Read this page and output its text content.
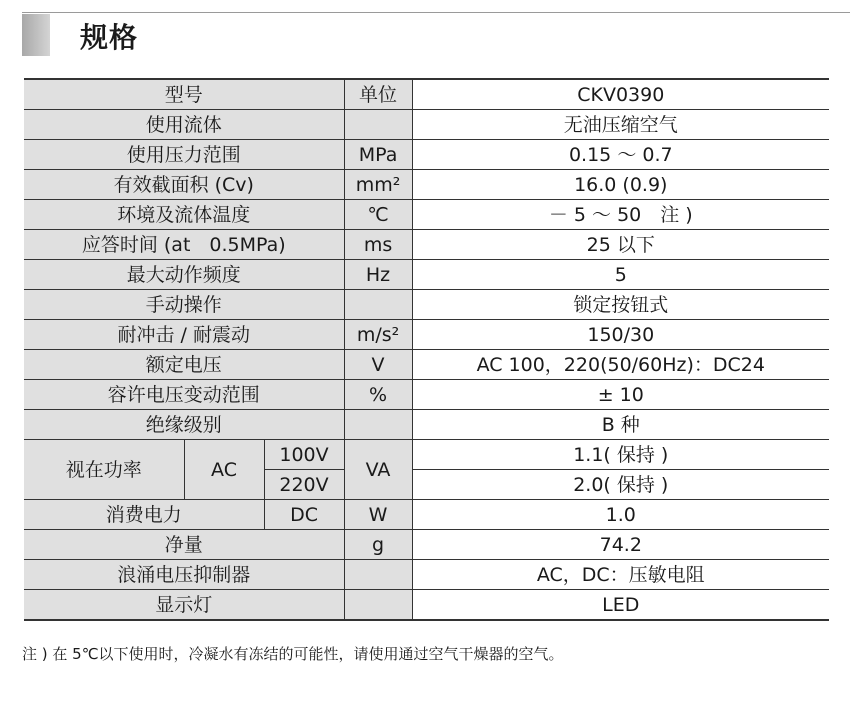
规格
型号			单位	CKV0390
使用流体				无油压缩空气
使用压力范围			MPa	0.15 ～ 0.7
有效截面积 (Cv)			mm²	16.0 (0.9)
环境及流体温度			℃	－ 5 ～ 50　注 )
应答时间 (at　0.5MPa)			ms	25 以下
最大动作频度			Hz	5
手动操作				锁定按钮式
耐冲击 / 耐震动			m/s²	150/30
额定电压			V	AC 100，220(50/60Hz)：DC24
容许电压变动范围			%	± 10
绝缘级别				B 种
视在功率	AC	100V	VA	1.1( 保持 )
		220V		2.0( 保持 )
消费电力		DC	W	1.0
净量			g	74.2
浪涌电压抑制器				AC，DC：压敏电阻
显示灯				LED
注 ) 在 5℃以下使用时，冷凝水有冻结的可能性，请使用通过空气干燥器的空气。
